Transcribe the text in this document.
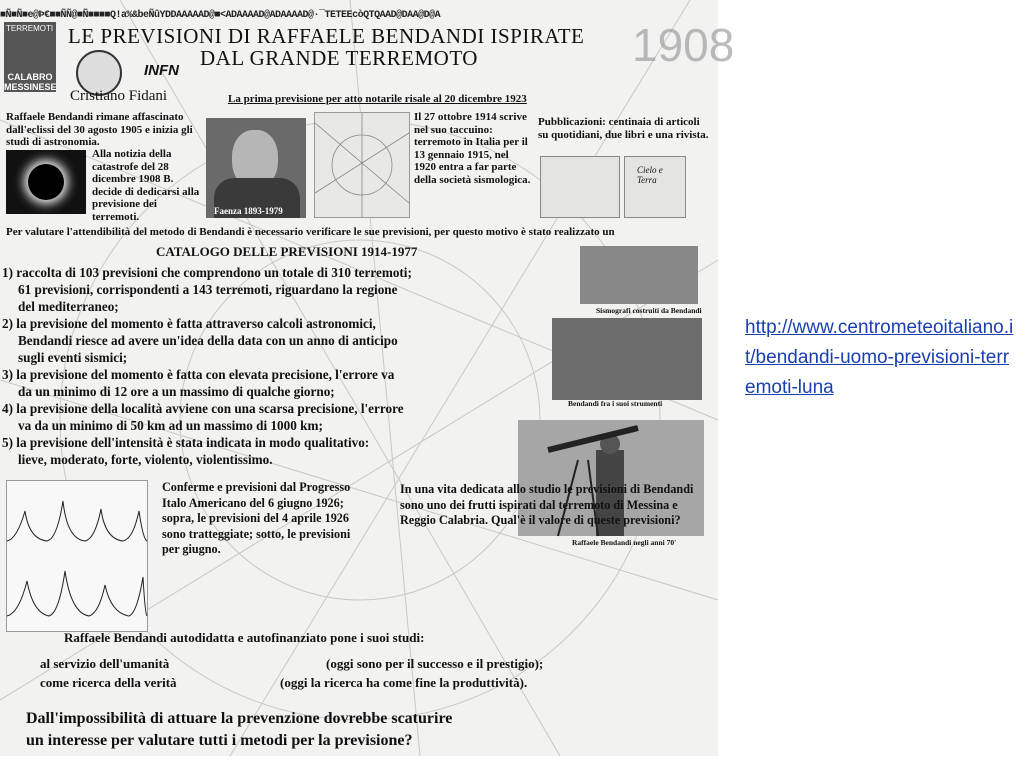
■Ñ■Ñ■e@Þ€■■ÑÑ@■Ñ■■■■Q!a%&beÑûYDDAAAAAD@■<ADAAAAD@ADAAAAD@·¯TETEEcòQTQAAD@DAA@D@A
TERREMOTI
CALABRO MESSINESE
INFN	1908
LE PREVISIONI DI RAFFAELE BENDANDI ISPIRATE
DAL GRANDE TERREMOTO
Cristiano Fidani	La prima previsione per atto notarile risale al 20 dicembre 1923
Raffaele Bendandi rimane affascinato dall'eclissi del 30 agosto 1905 e inizia gli studi di astronomia.
Alla notizia della catastrofe del 28 dicembre 1908 B. decide di dedicarsi alla previsione dei terremoti.	Faenza 1893-1979
Il 27 ottobre 1914 scrive nel suo taccuino: terremoto in Italia per il 13 gennaio 1915, nel 1920 entra a far parte della società sismologica.
Pubblicazioni: centinaia di articoli su quotidiani, due libri e una rivista.
Cielo e Terra
Per valutare l'attendibilità del metodo di Bendandi è necessario verificare le sue previsioni, per questo motivo è stato realizzato un
CATALOGO DELLE PREVISIONI 1914-1977
Sismografi costruiti da Bendandi
Bendandi fra i suoi strumenti
1) raccolta di 103 previsioni che comprendono un totale di 310 terremoti;
61 previsioni, corrispondenti a 143 terremoti, riguardano la regione
del mediterraneo;
2) la previsione del momento è fatta attraverso calcoli astronomici,
Bendandi riesce ad avere un'idea della data con un anno di anticipo
sugli eventi sismici;
3) la previsione del momento è fatta con elevata precisione, l'errore va
da un minimo di 12 ore a un massimo di qualche giorno;
4) la previsione della località avviene con una scarsa precisione, l'errore
va da un minimo di 50 km ad un massimo di 1000 km;
5) la previsione dell'intensità è stata indicata in modo qualitativo:
lieve, moderato, forte, violento, violentissimo.
Raffaele Bendandi negli anni 70'
Conferme e previsioni dal Progresso Italo Americano del 6 giugno 1926; sopra, le previsioni del 4 aprile 1926 sono tratteggiate; sotto, le previsioni per giugno.
In una vita dedicata allo studio le previsioni di Bendandi sono uno dei frutti ispirati dal terremoto di Messina e Reggio Calabria. Qual'è il valore di queste previsioni?
Raffaele Bendandi autodidatta e autofinanziato pone i suoi studi:
al servizio dell'umanità	(oggi sono per il successo e il prestigio);
come ricerca della verità	(oggi la ricerca ha come fine la produttività).
Dall'impossibilità di attuare la prevenzione dovrebbe scaturire
un interesse per valutare tutti i metodi per la previsione?
http://www.centrometeoitaliano.it/bendandi-uomo-previsioni-terremoti-luna
